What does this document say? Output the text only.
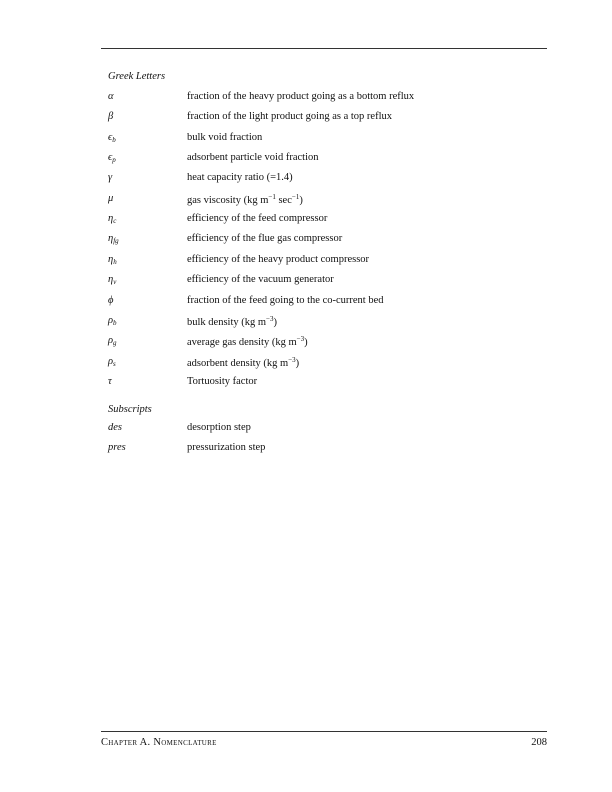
Greek Letters
α	fraction of the heavy product going as a bottom reflux
β	fraction of the light product going as a top reflux
$\epsilon_b$	bulk void fraction
$\epsilon_p$	adsorbent particle void fraction
γ	heat capacity ratio (=1.4)
μ	gas viscosity (kg $m^{-1}$ $\sec^{-1}$)
$\eta_c$	efficiency of the feed compressor
$\eta_{fg}$	efficiency of the flue gas compressor
$\eta_h$	efficiency of the heavy product compressor
$\eta_v$	efficiency of the vacuum generator
ϕ	fraction of the feed going to the co-current bed
$\rho_b$	bulk density (kg $m^{-3}$)
$\rho_g$	average gas density (kg $m^{-3}$)
$\rho_s$	adsorbent density (kg $m^{-3}$)
τ	Tortuosity factor
Subscripts
des	desorption step
pres	pressurization step
Chapter A. Nomenclature	208
